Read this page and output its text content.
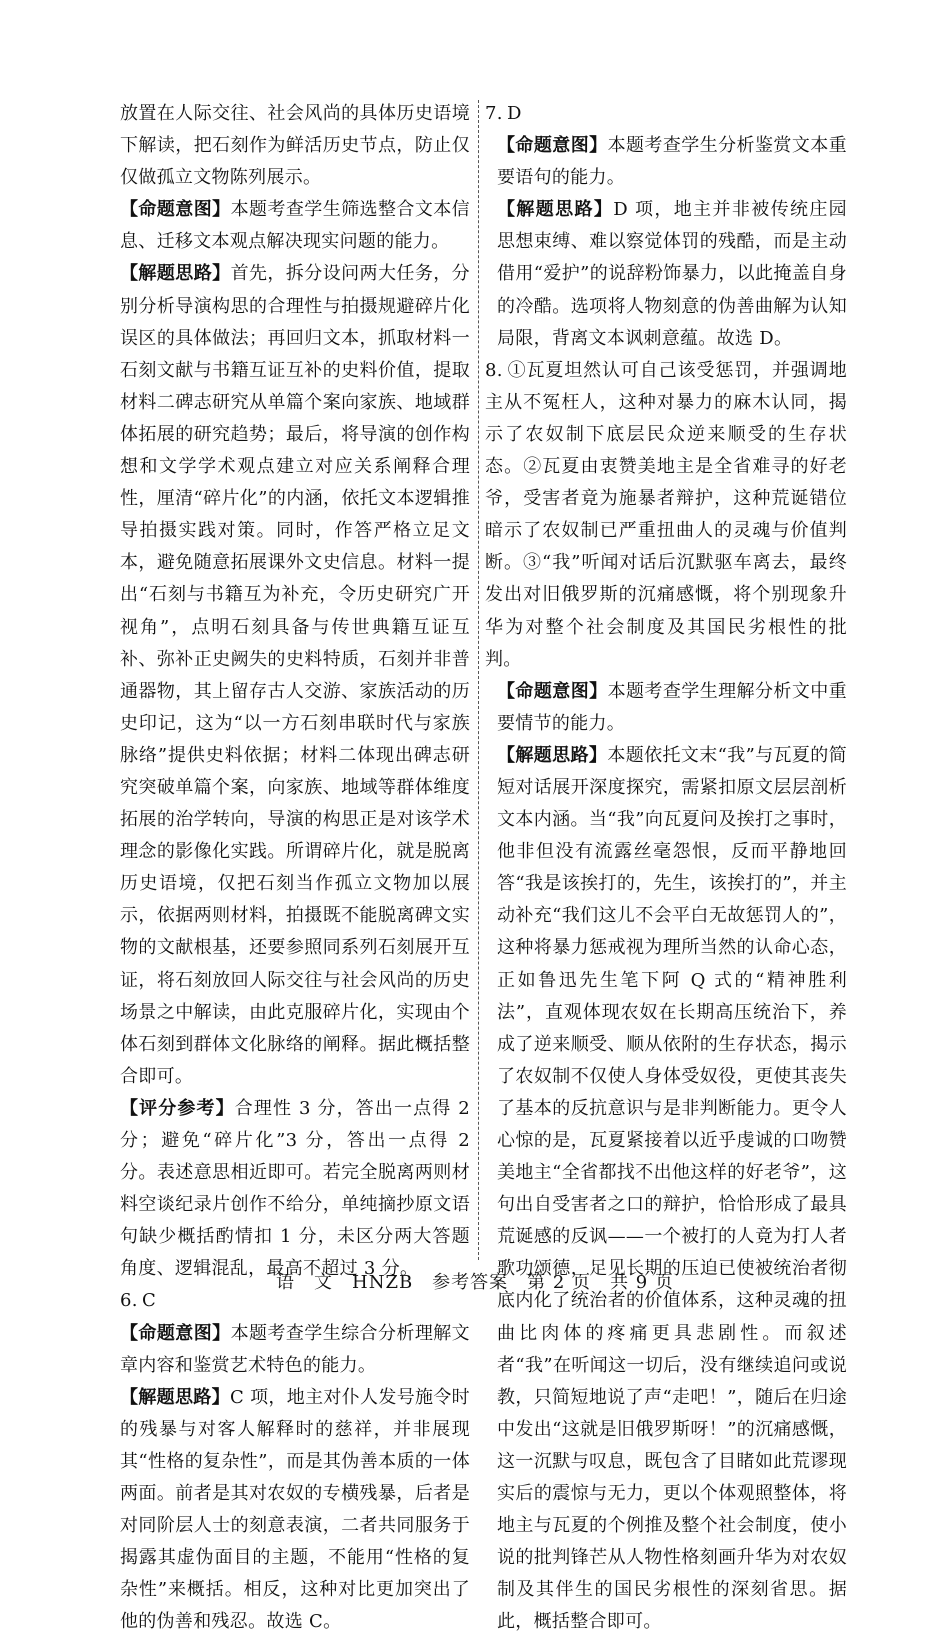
放置在人际交往、社会风尚的具体历史语境下解读，把石刻作为鲜活历史节点，防止仅仅做孤立文物陈列展示。

【命题意图】本题考查学生筛选整合文本信息、迁移文本观点解决现实问题的能力。

【解题思路】首先，拆分设问两大任务，分别分析导演构思的合理性与拍摄规避碎片化误区的具体做法；再回归文本，抓取材料一石刻文献与书籍互证互补的史料价值，提取材料二碑志研究从单篇个案向家族、地域群体拓展的研究趋势；最后，将导演的创作构想和文学学术观点建立对应关系阐释合理性，厘清“碎片化”的内涵，依托文本逻辑推导拍摄实践对策。同时，作答严格立足文本，避免随意拓展课外文史信息。材料一提出“石刻与书籍互为补充，令历史研究广开视角”，点明石刻具备与传世典籍互证互补、弥补正史阙失的史料特质，石刻并非普通器物，其上留存古人交游、家族活动的历史印记，这为“以一方石刻串联时代与家族脉络”提供史料依据；材料二体现出碑志研究突破单篇个案，向家族、地域等群体维度拓展的治学转向，导演的构思正是对该学术理念的影像化实践。所谓碎片化，就是脱离历史语境，仅把石刻当作孤立文物加以展示，依据两则材料，拍摄既不能脱离碑文实物的文献根基，还要参照同系列石刻展开互证，将石刻放回人际交往与社会风尚的历史场景之中解读，由此克服碎片化，实现由个体石刻到群体文化脉络的阐释。据此概括整合即可。

【评分参考】合理性 3 分，答出一点得 2 分；避免“碎片化”3 分，答出一点得 2 分。表述意思相近即可。若完全脱离两则材料空谈纪录片创作不给分，单纯摘抄原文语句缺少概括酌情扣 1 分，未区分两大答题角度、逻辑混乱，最高不超过 3 分。

6. C

【命题意图】本题考查学生综合分析理解文章内容和鉴赏艺术特色的能力。

【解题思路】C 项，地主对仆人发号施令时的残暴与对客人解释时的慈祥，并非展现其“性格的复杂性”，而是其伪善本质的一体两面。前者是其对农奴的专横残暴，后者是对同阶层人士的刻意表演，二者共同服务于揭露其虚伪面目的主题，不能用“性格的复杂性”来概括。相反，这种对比更加突出了他的伪善和残忍。故选 C。

7. D

【命题意图】本题考查学生分析鉴赏文本重要语句的能力。

【解题思路】D 项，地主并非被传统庄园思想束缚、难以察觉体罚的残酷，而是主动借用“爱护”的说辞粉饰暴力，以此掩盖自身的冷酷。选项将人物刻意的伪善曲解为认知局限，背离文本讽刺意蕴。故选 D。

8. ①瓦夏坦然认可自己该受惩罚，并强调地主从不冤枉人，这种对暴力的麻木认同，揭示了农奴制下底层民众逆来顺受的生存状态。②瓦夏由衷赞美地主是全省难寻的好老爷，受害者竟为施暴者辩护，这种荒诞错位暗示了农奴制已严重扭曲人的灵魂与价值判断。③“我”听闻对话后沉默驱车离去，最终发出对旧俄罗斯的沉痛感慨，将个别现象升华为对整个社会制度及其国民劣根性的批判。

【命题意图】本题考查学生理解分析文中重要情节的能力。

【解题思路】本题依托文末“我”与瓦夏的简短对话展开深度探究，需紧扣原文层层剖析文本内涵。当“我”向瓦夏问及挨打之事时，他非但没有流露丝毫怨恨，反而平静地回答“我是该挨打的，先生，该挨打的”，并主动补充“我们这儿不会平白无故惩罚人的”，这种将暴力惩戒视为理所当然的认命心态，正如鲁迅先生笔下阿 Q 式的“精神胜利法”，直观体现农奴在长期高压统治下，养成了逆来顺受、顺从依附的生存状态，揭示了农奴制不仅使人身体受奴役，更使其丧失了基本的反抗意识与是非判断能力。更令人心惊的是，瓦夏紧接着以近乎虔诚的口吻赞美地主“全省都找不出他这样的好老爷”，这句出自受害者之口的辩护，恰恰形成了最具荒诞感的反讽——一个被打的人竟为打人者歌功颂德，足见长期的压迫已使被统治者彻底内化了统治者的价值体系，这种灵魂的扭曲比肉体的疼痛更具悲剧性。而叙述者“我”在听闻这一切后，没有继续追问或说教，只简短地说了声“走吧！”，随后在归途中发出“这就是旧俄罗斯呀！”的沉痛感慨，这一沉默与叹息，既包含了目睹如此荒谬现实后的震惊与无力，更以个体观照整体，将地主与瓦夏的个例推及整个社会制度，使小说的批判锋芒从人物性格刻画升华为对农奴制及其伴生的国民劣根性的深刻省思。据此，概括整合即可。

语　文　HNZB　参考答案　第 2 页　共 9 页
